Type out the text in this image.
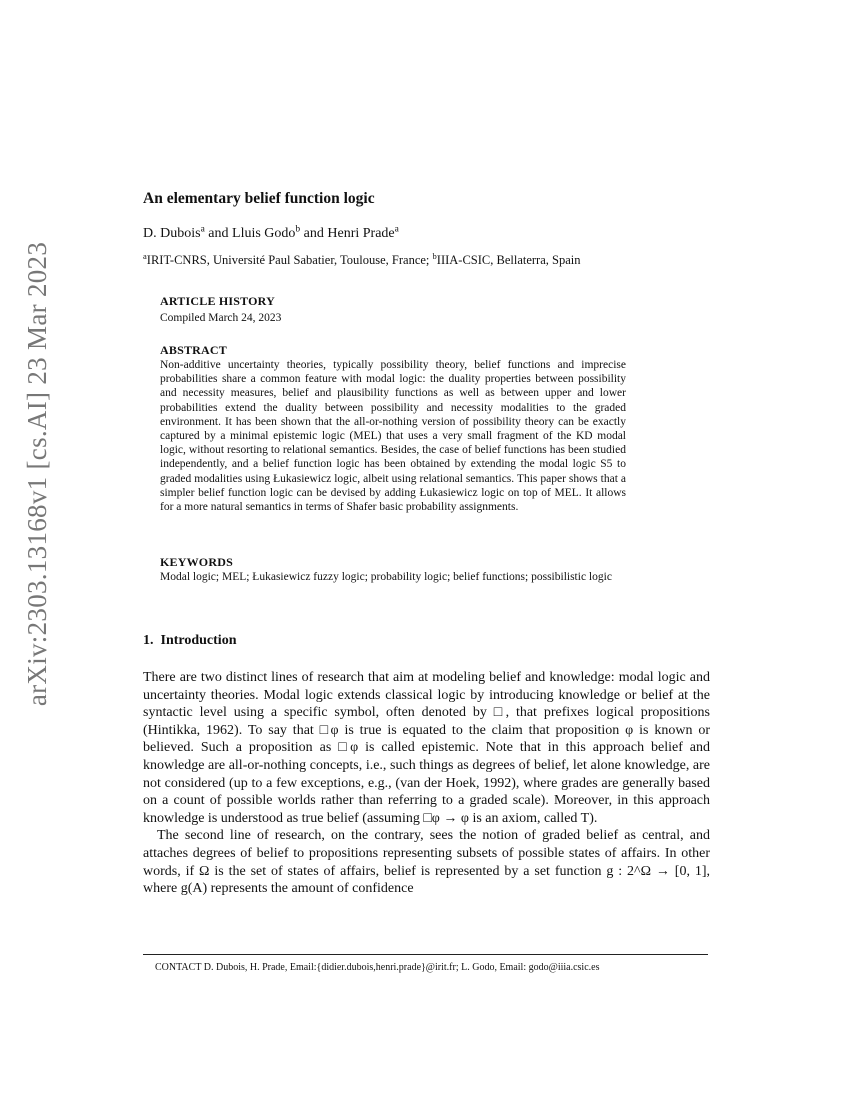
arXiv:2303.13168v1 [cs.AI] 23 Mar 2023
An elementary belief function logic
D. Dubois$^a$ and Lluis Godo$^b$ and Henri Prade$^a$
$^a$IRIT-CNRS, Université Paul Sabatier, Toulouse, France; $^b$IIIA-CSIC, Bellaterra, Spain
ARTICLE HISTORY
Compiled March 24, 2023
ABSTRACT
Non-additive uncertainty theories, typically possibility theory, belief functions and imprecise probabilities share a common feature with modal logic: the duality properties between possibility and necessity measures, belief and plausibility functions as well as between upper and lower probabilities extend the duality between possibility and necessity modalities to the graded environment. It has been shown that the all-or-nothing version of possibility theory can be exactly captured by a minimal epistemic logic (MEL) that uses a very small fragment of the KD modal logic, without resorting to relational semantics. Besides, the case of belief functions has been studied independently, and a belief function logic has been obtained by extending the modal logic S5 to graded modalities using Łukasiewicz logic, albeit using relational semantics. This paper shows that a simpler belief function logic can be devised by adding Łukasiewicz logic on top of MEL. It allows for a more natural semantics in terms of Shafer basic probability assignments.
KEYWORDS
Modal logic; MEL; Łukasiewicz fuzzy logic; probability logic; belief functions; possibilistic logic
1.  Introduction

There are two distinct lines of research that aim at modeling belief and knowledge: modal logic and uncertainty theories. Modal logic extends classical logic by introducing knowledge or belief at the syntactic level using a specific symbol, often denoted by □, that prefixes logical propositions (Hintikka, 1962). To say that □φ is true is equated to the claim that proposition φ is known or believed. Such a proposition as □φ is called epistemic. Note that in this approach belief and knowledge are all-or-nothing concepts, i.e., such things as degrees of belief, let alone knowledge, are not considered (up to a few exceptions, e.g., (van der Hoek, 1992), where grades are generally based on a count of possible worlds rather than referring to a graded scale). Moreover, in this approach knowledge is understood as true belief (assuming □φ → φ is an axiom, called T).

The second line of research, on the contrary, sees the notion of graded belief as central, and attaches degrees of belief to propositions representing subsets of possible states of affairs. In other words, if Ω is the set of states of affairs, belief is represented by a set function g : 2^Ω → [0, 1], where g(A) represents the amount of confidence

CONTACT D. Dubois, H. Prade, Email:{didier.dubois,henri.prade}@irit.fr; L. Godo, Email: godo@iiia.csic.es
